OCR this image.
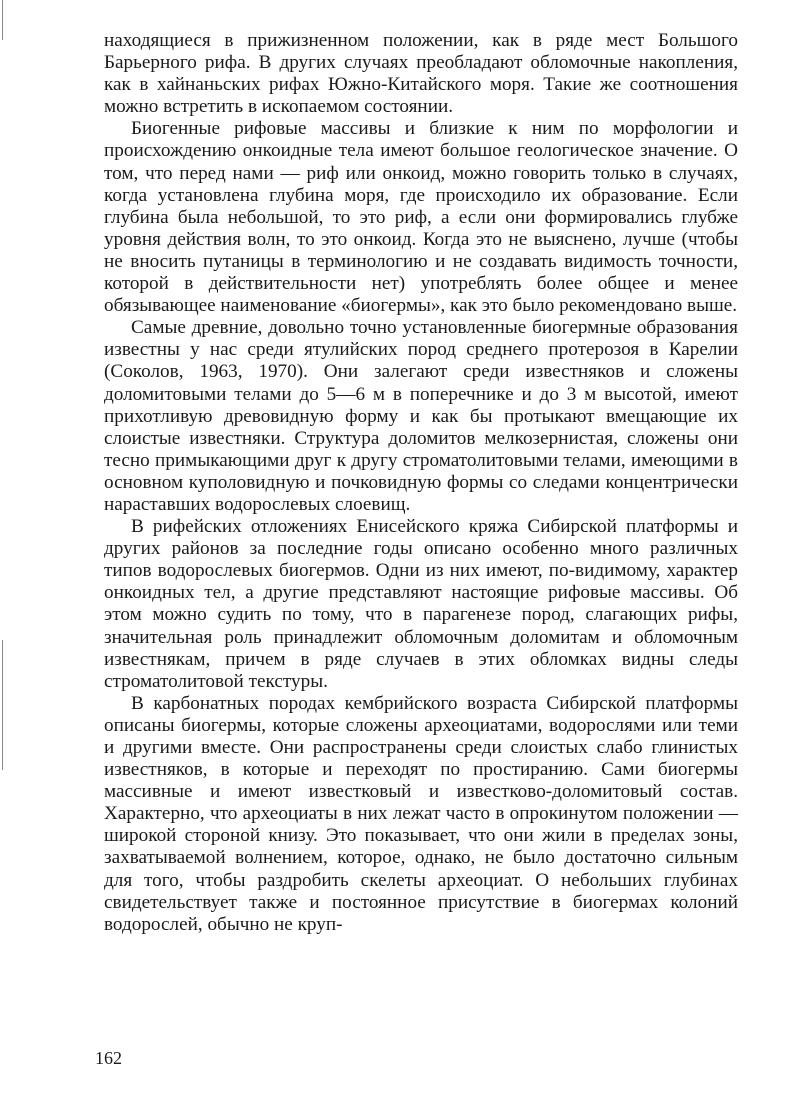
находящиеся в прижизненном положении, как в ряде мест Большого Барьерного рифа. В других случаях преобладают обломочные накопления, как в хайнаньских рифах Южно-Китайского моря. Такие же соотношения можно встретить в ископаемом состоянии.

Биогенные рифовые массивы и близкие к ним по морфологии и происхождению онкоидные тела имеют большое геологическое значение. О том, что перед нами — риф или онкоид, можно говорить только в случаях, когда установлена глубина моря, где происходило их образование. Если глубина была небольшой, то это риф, а если они формировались глубже уровня действия волн, то это онкоид. Когда это не выяснено, лучше (чтобы не вносить путаницы в терминологию и не создавать видимость точности, которой в действительности нет) употреблять более общее и менее обязывающее наименование «биогермы», как это было рекомендовано выше.

Самые древние, довольно точно установленные биогермные образования известны у нас среди ятулийских пород среднего протерозоя в Карелии (Соколов, 1963, 1970). Они залегают среди известняков и сложены доломитовыми телами до 5—6 м в поперечнике и до 3 м высотой, имеют прихотливую древовидную форму и как бы протыкают вмещающие их слоистые известняки. Структура доломитов мелкозернистая, сложены они тесно примыкающими друг к другу строматолитовыми телами, имеющими в основном куполовидную и почковидную формы со следами концентрически нараставших водорослевых слоевищ.

В рифейских отложениях Енисейского кряжа Сибирской платформы и других районов за последние годы описано особенно много различных типов водорослевых биогермов. Одни из них имеют, по-видимому, характер онкоидных тел, а другие представляют настоящие рифовые массивы. Об этом можно судить по тому, что в парагенезе пород, слагающих рифы, значительная роль принадлежит обломочным доломитам и обломочным известнякам, причем в ряде случаев в этих обломках видны следы строматолитовой текстуры.

В карбонатных породах кембрийского возраста Сибирской платформы описаны биогермы, которые сложены археоциатами, водорослями или теми и другими вместе. Они распространены среди слоистых слабо глинистых известняков, в которые и переходят по простиранию. Сами биогермы массивные и имеют известковый и известково-доломитовый состав. Характерно, что археоциаты в них лежат часто в опрокинутом положении — широкой стороной книзу. Это показывает, что они жили в пределах зоны, захватываемой волнением, которое, однако, не было достаточно сильным для того, чтобы раздробить скелеты археоциат. О небольших глубинах свидетельствует также и постоянное присутствие в биогермах колоний водорослей, обычно не круп-

162
